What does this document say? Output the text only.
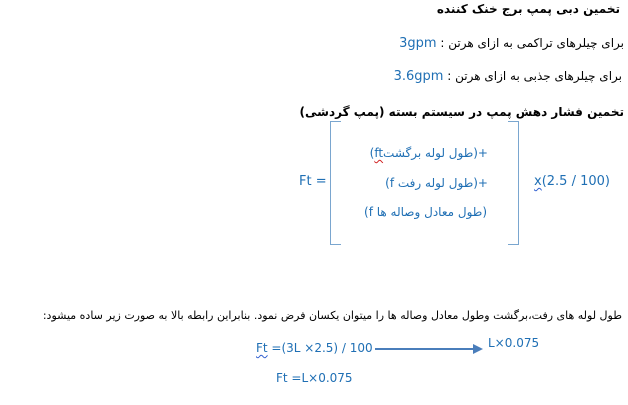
تخمین دبی پمپ برج خنک کننده
برای چیلرهای تراکمی به ازای هرتن : 3gpm
برای چیلرهای جذبی به ازای هرتن : 3.6gpm
تخمین فشار دهش پمپ در سیستم بسته (پمپ گردشی)
Ft =
+(طول لوله برگشتft)
+(طول لوله رفت f)
(طول معادل وصاله ها f)
x(2.5 / 100)
طول لوله های رفت،برگشت وطول معادل وصاله ها را میتوان یکسان فرض نمود. بنابراین رابطه بالا به صورت زیر ساده میشود:
Ft =(3L ×2.5) / 100	L×0.075
Ft =L×0.075
